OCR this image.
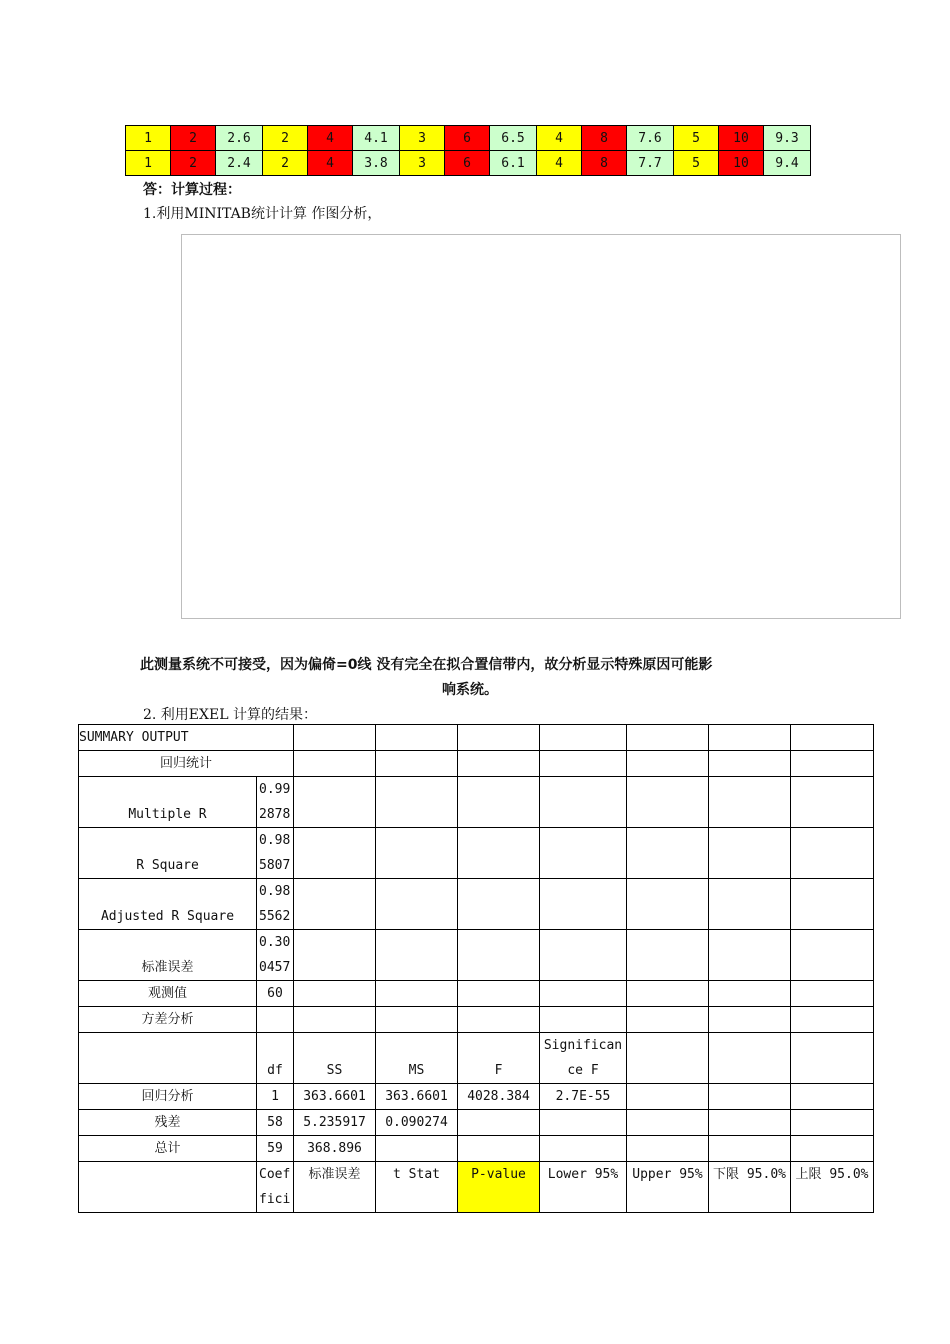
1	2	2.6	2	4	4.1	3	6	6.5	4	8	7.6	5	10	9.3
1	2	2.4	2	4	3.8	3	6	6.1	4	8	7.7	5	10	9.4
答：计算过程：
1.利用MINITAB统计计算 作图分析，
此测量系统不可接受，因为偏倚=0线 没有完全在拟合置信带内，故分析显示特殊原因可能影
响系统。
2. 利用EXEL 计算的结果：
SUMMARY OUTPUT								
回归统计								
Multiple R	0.99
2878							
R Square	0.98
5807							
Adjusted R Square	0.98
5562							
标准误差	0.30
0457							
观测值	60							
方差分析								
	df	SS	MS	F	Significan
ce F			
回归分析	1	363.6601	363.6601	4028.384	2.7E-55			
残差	58	5.235917	0.090274					
总计	59	368.896						
	Coef
fici	标准误差	t Stat	P-value	Lower 95%	Upper 95%	下限 95.0%	上限 95.0%
